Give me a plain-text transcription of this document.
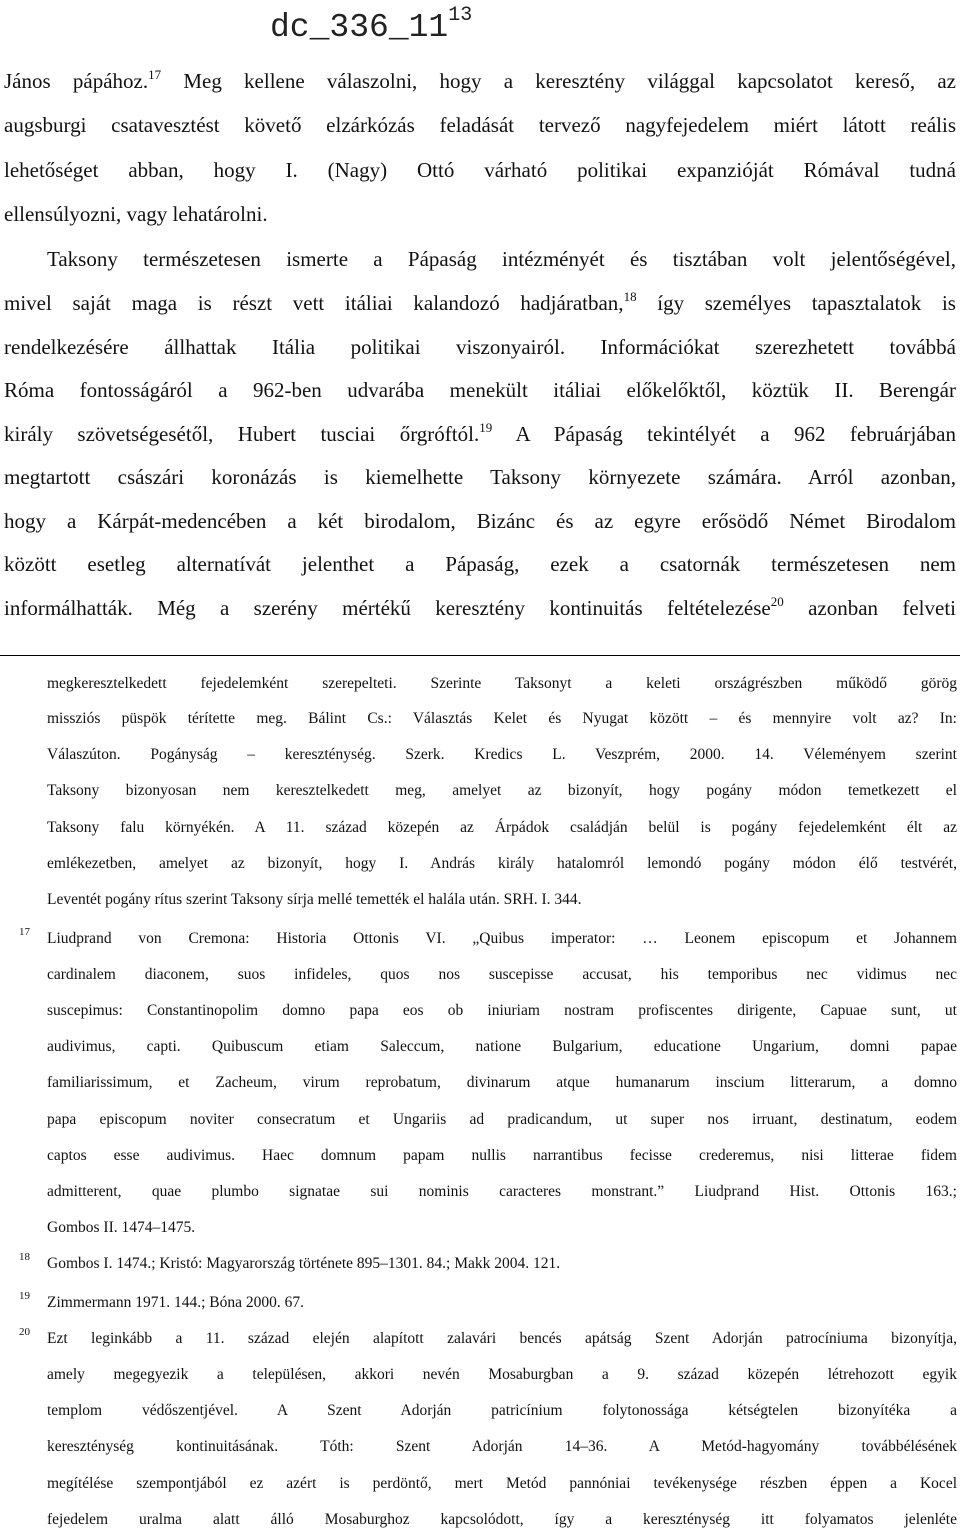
$dc\_336\_11^{13}$
János pápához.$^{17}$ Meg kellene válaszolni, hogy a keresztény világgal kapcsolatot kereső, az
augsburgi csatavesztést követő elzárkózás feladását tervező nagyfejedelem miért látott reális
lehetőséget abban, hogy I. (Nagy) Ottó várható politikai expanzióját Rómával tudná
ellensúlyozni, vagy lehatárolni.
Taksony természetesen ismerte a Pápaság intézményét és tisztában volt jelentőségével,
mivel saját maga is részt vett itáliai kalandozó hadjáratban,$^{18}$ így személyes tapasztalatok is
rendelkezésére állhattak Itália politikai viszonyairól. Információkat szerezhetett továbbá
Róma fontosságáról a 962-ben udvarába menekült itáliai előkelőktől, köztük II. Berengár
király szövetségesétől, Hubert tusciai őrgróftól.$^{19}$ A Pápaság tekintélyét a 962 februárjában
megtartott császári koronázás is kiemelhette Taksony környezete számára. Arról azonban,
hogy a Kárpát-medencében a két birodalom, Bizánc és az egyre erősödő Német Birodalom
között esetleg alternatívát jelenthet a Pápaság, ezek a csatornák természetesen nem
informálhatták. Még a szerény mértékű keresztény kontinuitás feltételezése$^{20}$ azonban felveti
megkeresztelkedett fejedelemként szerepelteti. Szerinte Taksonyt a keleti országrészben működő görög
missziós püspök térítette meg. Bálint Cs.: Választás Kelet és Nyugat között – és mennyire volt az? In:
Válaszúton. Pogányság – kereszténység. Szerk. Kredics L. Veszprém, 2000. 14. Véleményem szerint
Taksony bizonyosan nem keresztelkedett meg, amelyet az bizonyít, hogy pogány módon temetkezett el
Taksony falu környékén. A 11. század közepén az Árpádok családján belül is pogány fejedelemként élt az
emlékezetben, amelyet az bizonyít, hogy I. András király hatalomról lemondó pogány módon élő testvérét,
Leventét pogány rítus szerint Taksony sírja mellé temették el halála után. SRH. I. 344.
Liudprand von Cremona: Historia Ottonis VI. „Quibus imperator: … Leonem episcopum et Johannem
cardinalem diaconem, suos infideles, quos nos suscepisse accusat, his temporibus nec vidimus nec
suscepimus: Constantinopolim domno papa eos ob iniuriam nostram profiscentes dirigente, Capuae sunt, ut
audivimus, capti. Quibuscum etiam Saleccum, natione Bulgarium, educatione Ungarium, domni papae
familiarissimum, et Zacheum, virum reprobatum, divinarum atque humanarum inscium litterarum, a domno
papa episcopum noviter consecratum et Ungariis ad pradicandum, ut super nos irruant, destinatum, eodem
captos esse audivimus. Haec domnum papam nullis narrantibus fecisse crederemus, nisi litterae fidem
admitterent, quae plumbo signatae sui nominis caracteres monstrant.” Liudprand Hist. Ottonis 163.;
Gombos II. 1474–1475.
Gombos I. 1474.; Kristó: Magyarország története 895–1301. 84.; Makk 2004. 121.
Zimmermann 1971. 144.; Bóna 2000. 67.
Ezt leginkább a 11. század elején alapított zalavári bencés apátság Szent Adorján patrocíniuma bizonyítja,
amely megegyezik a településen, akkori nevén Mosaburgban a 9. század közepén létrehozott egyik
templom védőszentjével. A Szent Adorján patricínium folytonossága kétségtelen bizonyítéka a
kereszténység kontinuitásának. Tóth: Szent Adorján 14–36. A Metód-hagyomány továbbélésének
megítélése szempontjából ez azért is perdöntő, mert Metód pannóniai tevékenysége részben éppen a Kocel
fejedelem uralma alatt álló Mosaburghoz kapcsolódott, így a kereszténység itt folyamatos jelenléte
17
18
19
20
